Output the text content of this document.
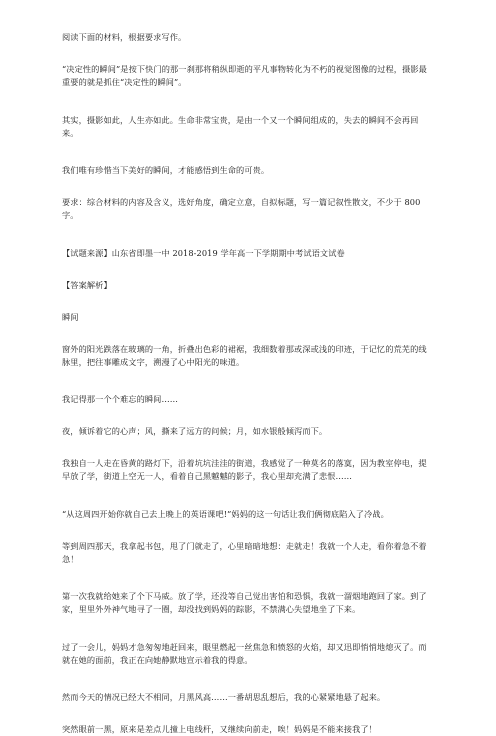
阅读下面的材料，根据要求写作。

“决定性的瞬间”是按下快门的那一刹那将稍纵即逝的平凡事物转化为不朽的视觉图像的过程，摄影最重要的就是抓住“决定性的瞬间”。

其实，摄影如此，人生亦如此。生命非常宝贵，是由一个又一个瞬间组成的，失去的瞬间不会再回来。

我们唯有珍惜当下美好的瞬间，才能感悟到生命的可贵。

要求：综合材料的内容及含义，选好角度，确定立意，自拟标题，写一篇记叙性散文，不少于 800 字。

【试题来源】山东省即墨一中 2018-2019 学年高一下学期期中考试语文试卷

【答案解析】

瞬间

窗外的阳光跌落在玻璃的一角，折叠出色彩的裙裾，我细数着那或深或浅的印迹，于记忆的荒芜的线脉里，把往事雕成文字，溯漫了心中阳光的味道。

我记得那一个个难忘的瞬间……

夜，倾诉着它的心声；风，撕来了远方的问候；月，如水银般倾泻而下。

我独自一人走在昏黄的路灯下，沿着坑坑洼洼的街道，我感觉了一种莫名的落寞，因为教室停电，提早放了学，街道上空无一人，看着自己黑魆魆的影子，我心里却充满了悲恨……

“从这周四开始你就自己去上晚上的英语课吧!”妈妈的这一句话让我们俩彻底陷入了冷战。

等到周四那天，我拿起书包，甩了门就走了，心里暗暗地想：走就走！我就一个人走，看你着急不着急！

第一次我就给她来了个下马威。放了学，还没等自己觉出害怕和恐惧，我就一溜烟地跑回了家。到了家，里里外外神气地寻了一圈，却没找到妈妈的踪影，不禁满心失望地坐了下来。

过了一会儿，妈妈才急匆匆地赶回来，眼里燃起一丝焦急和愤怒的火焰，却又迅即悄悄地熄灭了。而就在她的面前，我正在向她静默地宣示着我的得意。

然而今天的情况已经大不相同，月黑风高……一番胡思乱想后，我的心紧紧地悬了起来。

突然眼前一黑，原来是差点儿撞上电线杆，又继续向前走，唉！妈妈是不能来接我了！
